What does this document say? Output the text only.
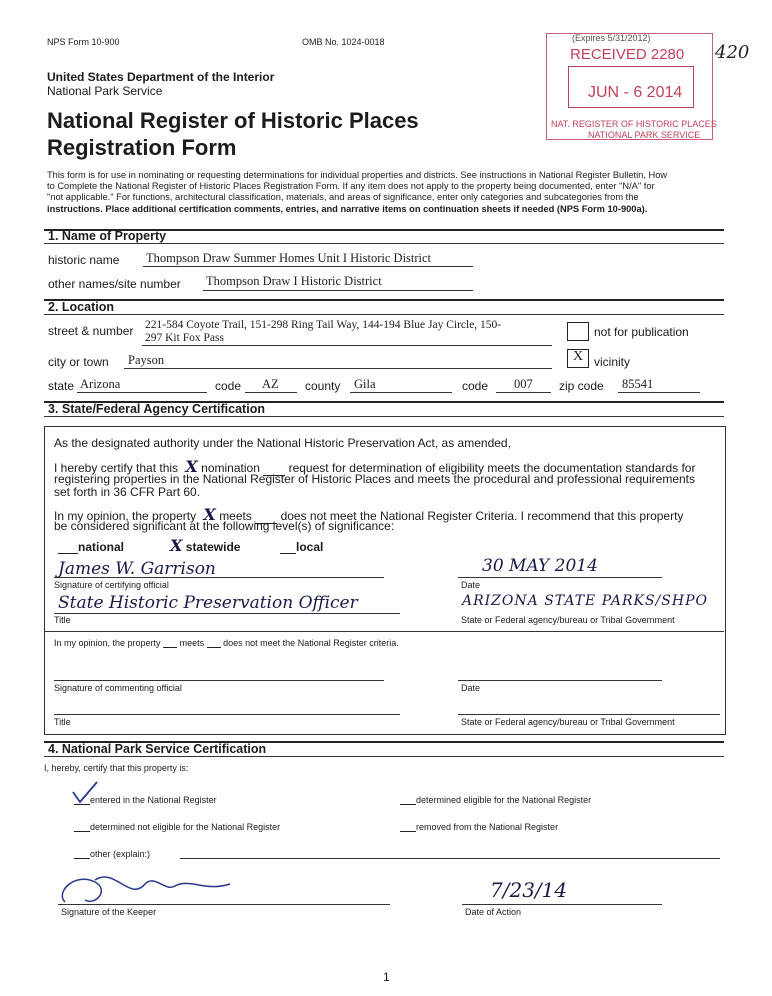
NPS Form 10-900	OMB No. 1024-0018
United States Department of the Interior
National Park Service
National Register of Historic Places
Registration Form
(Expires 5/31/2012)
RECEIVED 2280
JUN - 6 2014
NAT. REGISTER OF HISTORIC PLACES
NATIONAL PARK SERVICE
420
This form is for use in nominating or requesting determinations for individual properties and districts. See instructions in National Register Bulletin, How
to Complete the National Register of Historic Places Registration Form. If any item does not apply to the property being documented, enter "N/A" for
"not applicable." For functions, architectural classification, materials, and areas of significance, enter only categories and subcategories from the
instructions. Place additional certification comments, entries, and narrative items on continuation sheets if needed (NPS Form 10-900a).
1. Name of Property
historic name Thompson Draw Summer Homes Unit I Historic District
other names/site number Thompson Draw I Historic District
2. Location
street & number 221-584 Coyote Trail, 151-298 Ring Tail Way, 144-194 Blue Jay Circle, 150-
297 Kit Fox Pass	not for publication
city or town Payson	X vicinity
state Arizona	code AZ county Gila	code 007 zip code 85541
3. State/Federal Agency Certification
As the designated authority under the National Historic Preservation Act, as amended,
I hereby certify that this X nomination request for determination of eligibility meets the documentation standards for
registering properties in the National Register of Historic Places and meets the procedural and professional requirements
set forth in 36 CFR Part 60.
In my opinion, the property X meets does not meet the National Register Criteria. I recommend that this property
be considered significant at the following level(s) of significance:
national	X statewide	local
James W. Garrison
Signature of certifying official
30 MAY 2014
Date
State Historic Preservation Officer
Title
ARIZONA STATE PARKS/SHPO
State or Federal agency/bureau or Tribal Government
In my opinion, the property meets does not meet the National Register criteria.
Signature of commenting official	Date
Title	State or Federal agency/bureau or Tribal Government
4. National Park Service Certification
I, hereby, certify that this property is:
entered in the National Register	determined eligible for the National Register
determined not eligible for the National Register	removed from the National Register
other (explain:)
Signature of the Keeper
7/23/14
Date of Action
1
